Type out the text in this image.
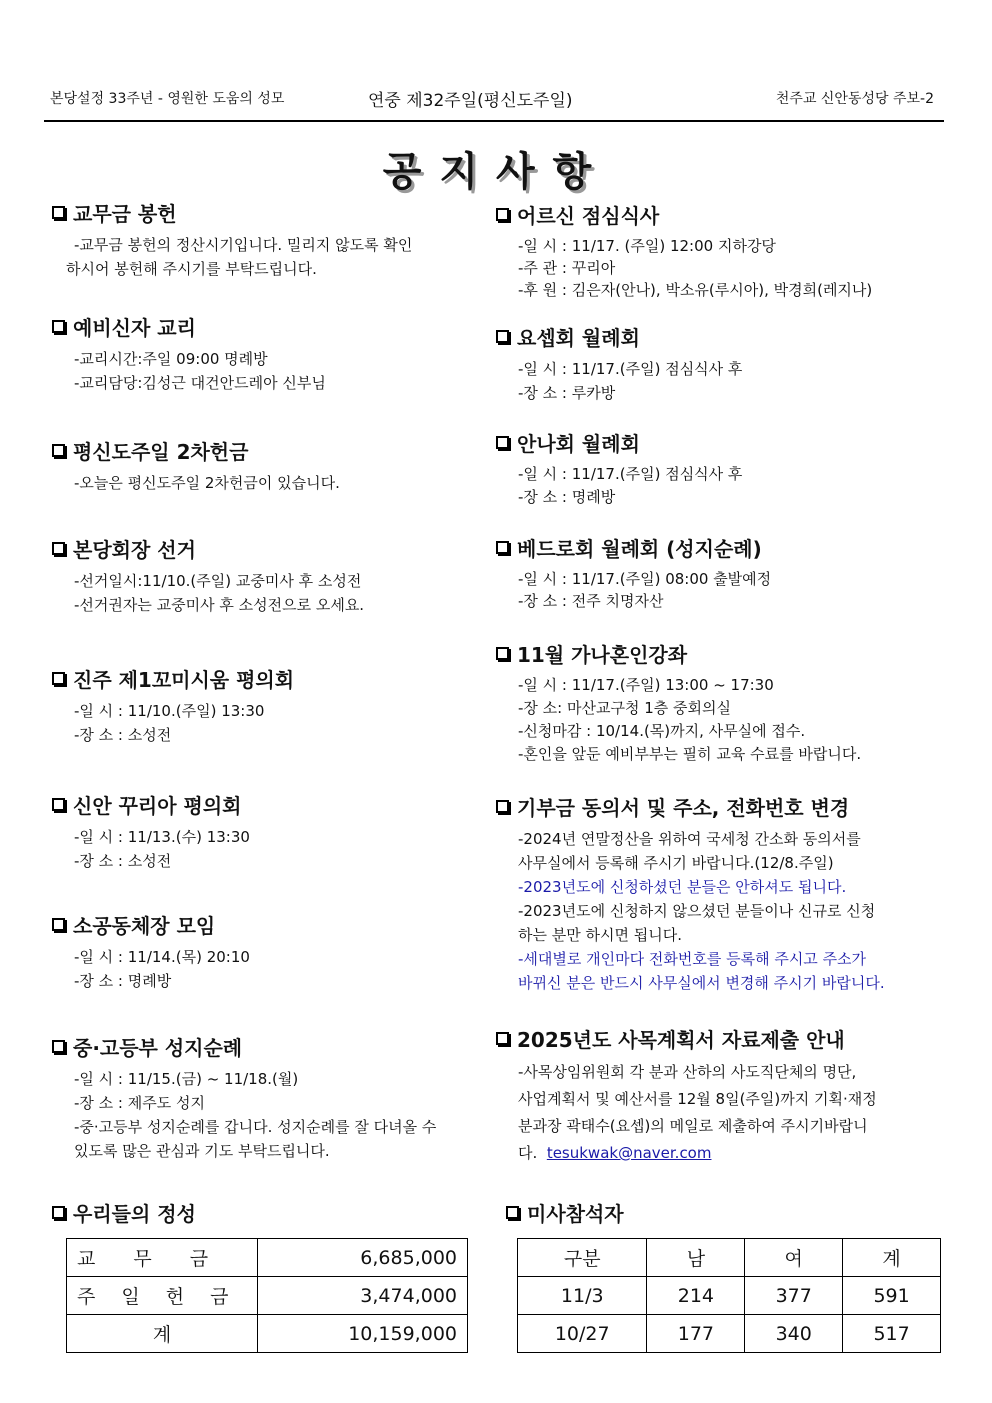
본당설정 33주년 - 영원한 도움의 성모	연중 제32주일(평신도주일)	천주교 신안동성당 주보-2
공지사항
교무금 봉헌
-교무금 봉헌의 정산시기입니다. 밀리지 않도록 확인
하시어 봉헌해 주시기를 부탁드립니다.
예비신자 교리
-교리시간:주일 09:00 명례방
-교리담당:김성근 대건안드레아 신부님
평신도주일 2차헌금
-오늘은 평신도주일 2차헌금이 있습니다.
본당회장 선거
-선거일시:11/10.(주일) 교중미사 후 소성전
-선거권자는 교중미사 후 소성전으로 오세요.
진주 제1꼬미시움 평의회
-일 시 : 11/10.(주일) 13:30
-장 소 : 소성전
신안 꾸리아 평의회
-일 시 : 11/13.(수) 13:30
-장 소 : 소성전
소공동체장 모임
-일 시 : 11/14.(목) 20:10
-장 소 : 명례방
중·고등부 성지순례
-일 시 : 11/15.(금) ~ 11/18.(월)
-장 소 : 제주도 성지
-중·고등부 성지순례를 갑니다. 성지순례를 잘 다녀올 수
있도록 많은 관심과 기도 부탁드립니다.
어르신 점심식사
-일 시 : 11/17. (주일) 12:00 지하강당
-주 관 : 꾸리아
-후 원 : 김은자(안나), 박소유(루시아), 박경희(레지나)
요셉회 월례회
-일 시 : 11/17.(주일) 점심식사 후
-장 소 : 루카방
안나회 월례회
-일 시 : 11/17.(주일) 점심식사 후
-장 소 : 명례방
베드로회 월례회 (성지순례)
-일 시 : 11/17.(주일) 08:00 출발예정
-장 소 : 전주 치명자산
11월 가나혼인강좌
-일 시 : 11/17.(주일) 13:00 ~ 17:30
-장 소: 마산교구청 1층 중회의실
-신청마감 : 10/14.(목)까지, 사무실에 접수.
-혼인을 앞둔 예비부부는 필히 교육 수료를 바랍니다.
기부금 동의서 및 주소, 전화번호 변경
-2024년 연말정산을 위하여 국세청 간소화 동의서를
사무실에서 등록해 주시기 바랍니다.(12/8.주일)
-2023년도에 신청하셨던 분들은 안하셔도 됩니다.
-2023년도에 신청하지 않으셨던 분들이나 신규로 신청
하는 분만 하시면 됩니다.
-세대별로 개인마다 전화번호를 등록해 주시고 주소가
바뀌신 분은 반드시 사무실에서 변경해 주시기 바랍니다.
2025년도 사목계획서 자료제출 안내
-사목상임위원회 각 분과 산하의 사도직단체의 명단,
사업계획서 및 예산서를 12월 8일(주일)까지 기획·재정
분과장 곽태수(요셉)의 메일로 제출하여 주시기바랍니
다. tesukwak@naver.com
우리들의 정성
교 무 금	6,685,000
주 일 헌 금	3,474,000
계	10,159,000
미사참석자
구분	남	여	계
11/3	214	377	591
10/27	177	340	517
